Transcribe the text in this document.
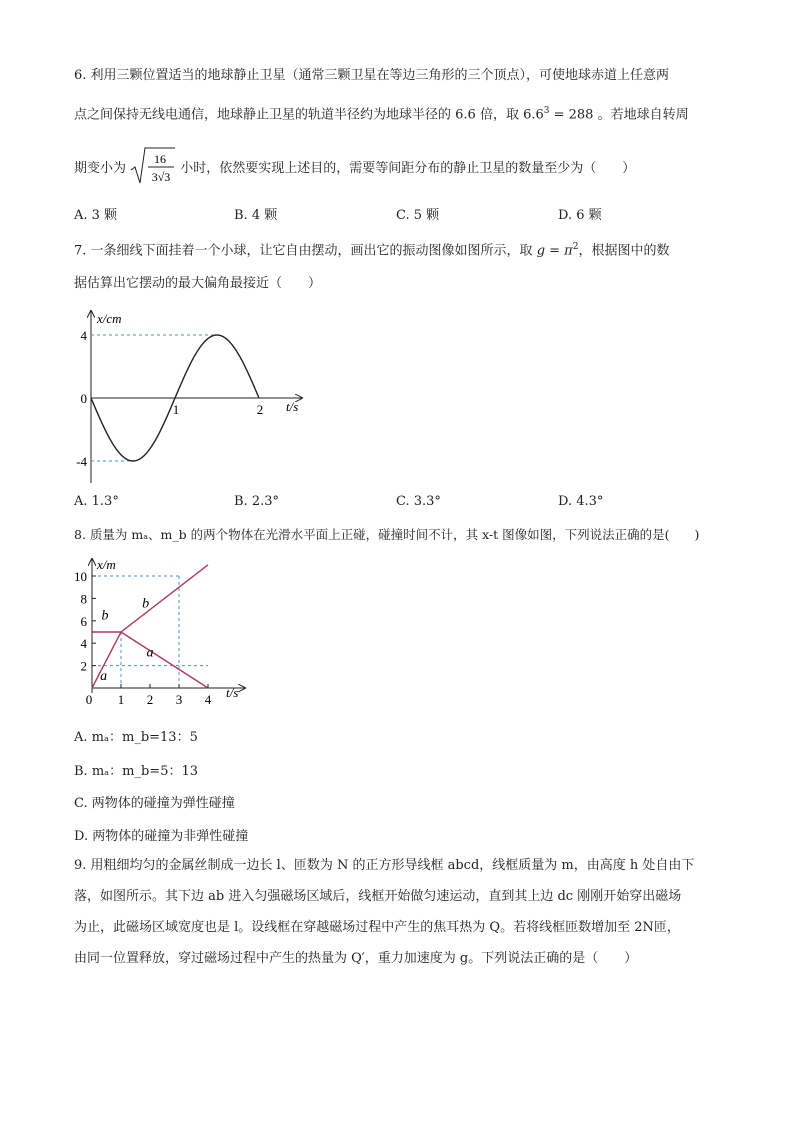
6. 利用三颗位置适当的地球静止卫星（通常三颗卫星在等边三角形的三个顶点），可使地球赤道上任意两
点之间保持无线电通信，地球静止卫星的轨道半径约为地球半径的 6.6 倍，取 $6.6^3 = 288$ 。若地球自转周
期变小为
16
3√3
小时，依然要实现上述目的，需要等间距分布的静止卫星的数量至少为（　　）
A. 3 颗	B. 4 颗	C. 5 颗	D. 6 颗
7. 一条细线下面挂着一个小球，让它自由摆动，画出它的振动图像如图所示，取 $g = \pi^2$，根据图中的数
据估算出它摆动的最大偏角最接近（　　）
x/cm
t/s
4
0
-4
1	2
A. 1.3°	B. 2.3°	C. 3.3°	D. 4.3°
8. 质量为 mₐ、m_b 的两个物体在光滑水平面上正碰，碰撞时间不计，其 x-t 图像如图，下列说法正确的是(　　)
x/m
t/s
2
4
6
8
10
0 1 2 3 4
a
b
a
b
A. mₐ：m_b=13：5
B. mₐ：m_b=5：13
C. 两物体的碰撞为弹性碰撞
D. 两物体的碰撞为非弹性碰撞
9. 用粗细均匀的金属丝制成一边长 l、匝数为 N 的正方形导线框 abcd，线框质量为 m，由高度 h 处自由下
落，如图所示。其下边 ab 进入匀强磁场区域后，线框开始做匀速运动，直到其上边 dc 刚刚开始穿出磁场
为止，此磁场区域宽度也是 l。设线框在穿越磁场过程中产生的焦耳热为 Q。若将线框匝数增加至 2N匝，
由同一位置释放，穿过磁场过程中产生的热量为 Q′，重力加速度为 g。下列说法正确的是（　　）
